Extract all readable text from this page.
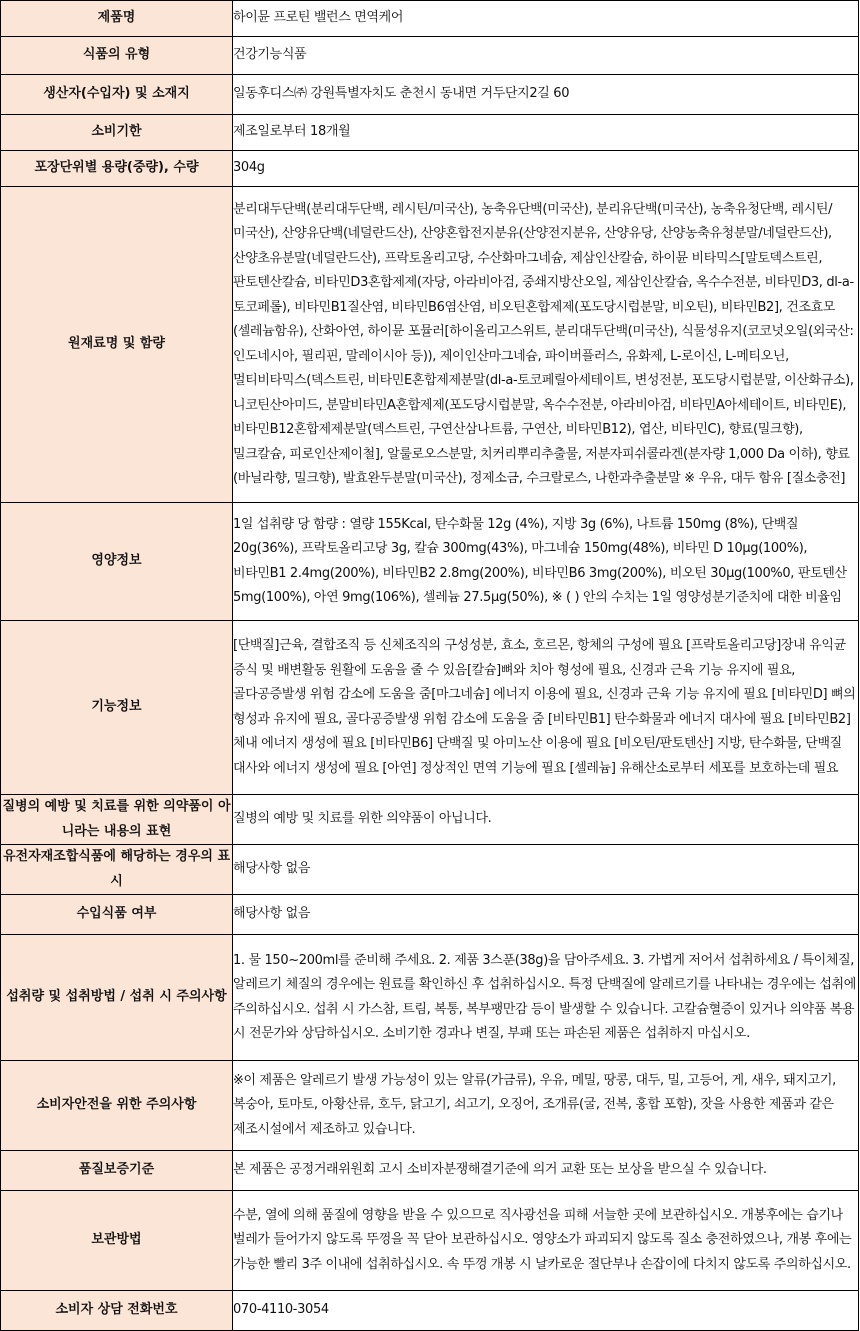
제품명	하이뮨 프로틴 밸런스 면역케어
식품의 유형	건강기능식품
생산자(수입자) 및 소재지	일동후디스㈜ 강원특별자치도 춘천시 동내면 거두단지2길 60
소비기한	제조일로부터 18개월
포장단위별 용량(중량), 수량	304g
원재료명 및 함량	분리대두단백(분리대두단백, 레시틴/미국산), 농축유단백(미국산), 분리유단백(미국산), 농축유청단백, 레시틴/미국산), 산양유단백(네덜란드산), 산양혼합전지분유(산양전지분유, 산양유당, 산양농축유청분말/네덜란드산), 산양초유분말(네덜란드산), 프락토올리고당, 수산화마그네슘, 제삼인산칼슘, 하이뮨 비타믹스[말토덱스트린, 판토텐산칼슘, 비타민D3혼합제제(자당, 아라비아검, 중쇄지방산오일, 제삼인산칼슘, 옥수수전분, 비타민D3, dl-a-토코페롤), 비타민B1질산염, 비타민B6염산염, 비오틴혼합제제(포도당시럽분말, 비오틴), 비타민B2], 건조효모(셀레늄함유), 산화아연, 하이뮨 포뮬러[하이올리고스위트, 분리대두단백(미국산), 식물성유지(코코넛오일(외국산:인도네시아, 필리핀, 말레이시아 등)), 제이인산마그네슘, 파이버플러스, 유화제, L-로이신, L-메티오닌, 멀티비타믹스(덱스트린, 비타민E혼합제제분말(dl-a-토코페릴아세테이트, 변성전분, 포도당시럽분말, 이산화규소), 니코틴산아미드, 분말비타민A혼합제제(포도당시럽분말, 옥수수전분, 아라비아검, 비타민A아세테이트, 비타민E), 비타민B12혼합제제분말(덱스트린, 구연산삼나트륨, 구연산, 비타민B12), 엽산, 비타민C), 향료(밀크향), 밀크칼슘, 피로인산제이철], 알룰로오스분말, 치커리뿌리추출물, 저분자피쉬콜라겐(분자량 1,000 Da 이하), 향료(바닐라향, 밀크향), 발효완두분말(미국산), 정제소금, 수크랄로스, 나한과추출분말 ※ 우유, 대두 함유 [질소충전]
영양정보	1일 섭취량 당 함량 : 열량 155Kcal, 탄수화물 12g (4%), 지방 3g (6%), 나트륨 150mg (8%), 단백질 20g(36%), 프락토올리고당 3g, 칼슘 300mg(43%), 마그네슘 150mg(48%), 비타민 D 10μg(100%), 비타민B1 2.4mg(200%), 비타민B2 2.8mg(200%), 비타민B6 3mg(200%), 비오틴 30μg(100%0, 판토텐산 5mg(100%), 아연 9mg(106%), 셀레늄 27.5μg(50%), ※ ( ) 안의 수치는 1일 영양성분기준치에 대한 비율임
기능정보	[단백질]근육, 결합조직 등 신체조직의 구성성분, 효소, 호르몬, 항체의 구성에 필요 [프락토올리고당]장내 유익균 증식 및 배변활동 원활에 도움을 줄 수 있음[칼슘]뼈와 치아 형성에 필요, 신경과 근육 기능 유지에 필요, 골다공증발생 위험 감소에 도움을 줌[마그네슘] 에너지 이용에 필요, 신경과 근육 기능 유지에 필요 [비타민D] 뼈의 형성과 유지에 필요, 골다공증발생 위험 감소에 도움을 줌 [비타민B1] 탄수화물과 에너지 대사에 필요 [비타민B2] 체내 에너지 생성에 필요 [비타민B6] 단백질 및 아미노산 이용에 필요 [비오틴/판토텐산] 지방, 탄수화물, 단백질 대사와 에너지 생성에 필요 [아연] 정상적인 면역 기능에 필요 [셀레늄] 유해산소로부터 세포를 보호하는데 필요
질병의 예방 및 치료를 위한 의약품이 아니라는 내용의 표현	질병의 예방 및 치료를 위한 의약품이 아닙니다.
유전자재조합식품에 해당하는 경우의 표시	해당사항 없음
수입식품 여부	해당사항 없음
섭취량 및 섭취방법 / 섭취 시 주의사항	1. 물 150~200ml를 준비해 주세요. 2. 제품 3스푼(38g)을 담아주세요. 3. 가볍게 저어서 섭취하세요 / 특이체질, 알레르기 체질의 경우에는 원료를 확인하신 후 섭취하십시오. 특정 단백질에 알레르기를 나타내는 경우에는 섭취에 주의하십시오. 섭취 시 가스참, 트림, 복통, 복부팽만감 등이 발생할 수 있습니다. 고칼슘혈증이 있거나 의약품 복용 시 전문가와 상담하십시오. 소비기한 경과나 변질, 부패 또는 파손된 제품은 섭취하지 마십시오.
소비자안전을 위한 주의사항	※이 제품은 알레르기 발생 가능성이 있는 알류(가금류), 우유, 메밀, 땅콩, 대두, 밀, 고등어, 게, 새우, 돼지고기, 복숭아, 토마토, 아황산류, 호두, 닭고기, 쇠고기, 오징어, 조개류(굴, 전복, 홍합 포함), 잣을 사용한 제품과 같은 제조시설에서 제조하고 있습니다.
품질보증기준	본 제품은 공정거래위원회 고시 소비자분쟁해결기준에 의거 교환 또는 보상을 받으실 수 있습니다.
보관방법	수분, 열에 의해 품질에 영향을 받을 수 있으므로 직사광선을 피해 서늘한 곳에 보관하십시오. 개봉후에는 습기나 벌레가 들어가지 않도록 뚜껑을 꼭 닫아 보관하십시오. 영양소가 파괴되지 않도록 질소 충전하였으나, 개봉 후에는 가능한 빨리 3주 이내에 섭취하십시오. 속 뚜껑 개봉 시 날카로운 절단부나 손잡이에 다치지 않도록 주의하십시오.
소비자 상담 전화번호	070-4110-3054
